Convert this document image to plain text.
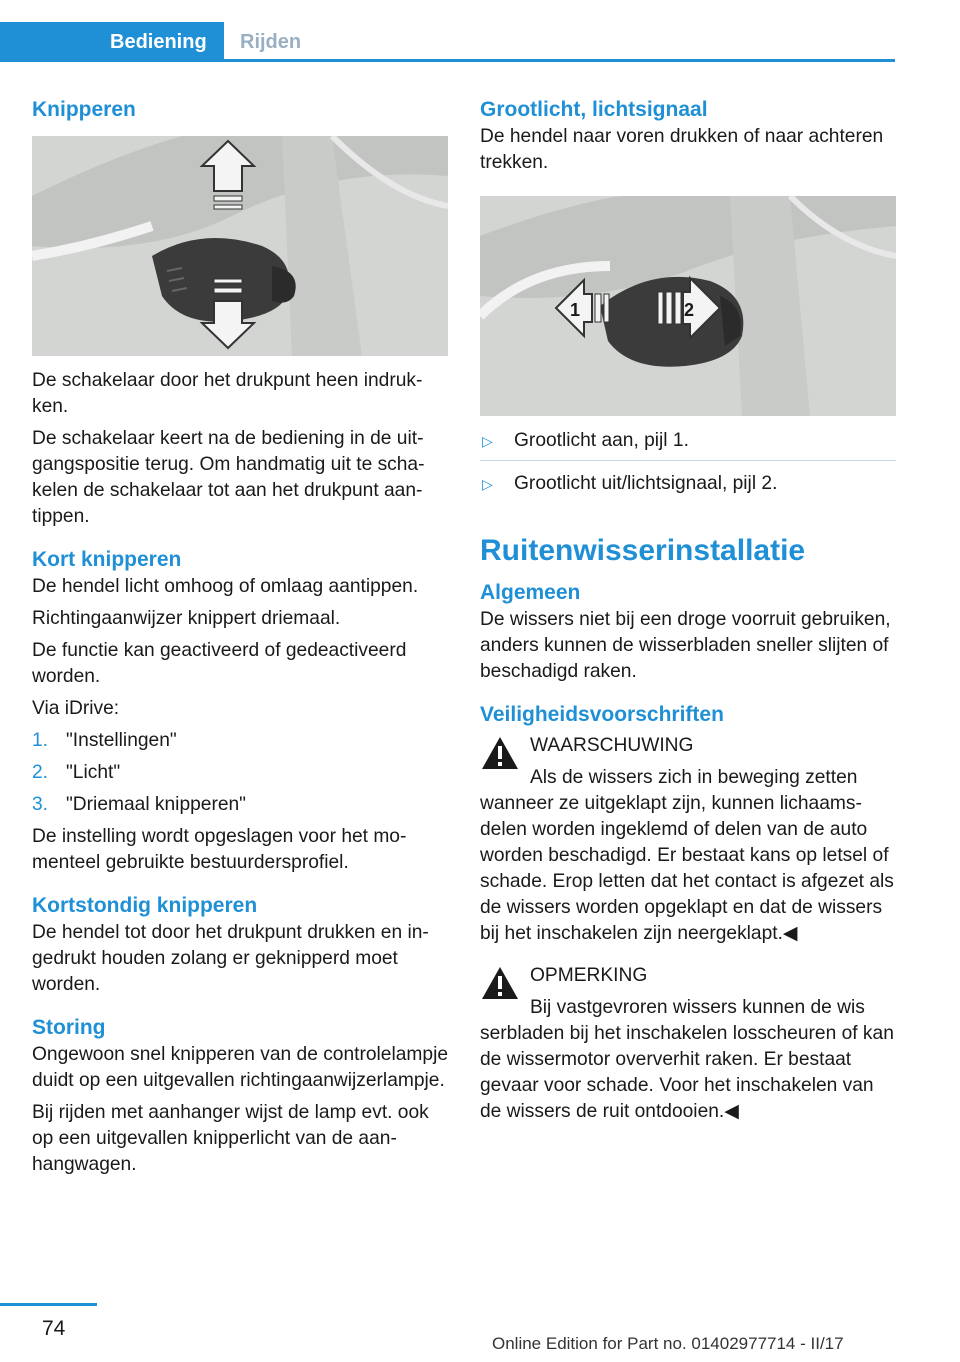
Bediening	Rijden
Knipperen

De schakelaar door het drukpunt heen indrukken.

De schakelaar keert na de bediening in de uitgangspositie terug. Om handmatig uit te schakelen de schakelaar tot aan het drukpunt aantippen.

Kort knipperen

De hendel licht omhoog of omlaag aantippen.

Richtingaanwijzer knippert driemaal.

De functie kan geactiveerd of gedeactiveerd worden.

Via iDrive:

1. "Instellingen"
2. "Licht"
3. "Driemaal knipperen"

De instelling wordt opgeslagen voor het momenteel gebruikte bestuurdersprofiel.

Kortstondig knipperen

De hendel tot door het drukpunt drukken en ingedrukt houden zolang er geknipperd moet worden.

Storing

Ongewoon snel knipperen van de controlelampje duidt op een uitgevallen richtingaanwijzerlampje.

Bij rijden met aanhanger wijst de lamp evt. ook op een uitgevallen knipperlicht van de aanhangwagen.

Grootlicht, lichtsignaal

De hendel naar voren drukken of naar achteren trekken.

1	2
▷ Grootlicht aan, pijl 1.
▷ Grootlicht uit/lichtsignaal, pijl 2.
Ruitenwisserinstallatie
Algemeen

De wissers niet bij een droge voorruit gebruiken, anders kunnen de wisserbladen sneller slijten of beschadigd raken.

Veiligheidsvoorschriften

WAARSCHUWING

Als de wissers zich in beweging zetten

wanneer ze uitgeklapt zijn, kunnen lichaamsdelen worden ingeklemd of delen van de auto worden beschadigd. Er bestaat kans op letsel of schade. Erop letten dat het contact is afgezet als de wissers worden opgeklapt en dat de wissers bij het inschakelen zijn neergeklapt.◀

OPMERKING

Bij vastgevroren wissers kunnen de wis

serbladen bij het inschakelen losscheuren of kan de wissermotor oververhit raken. Er bestaat gevaar voor schade. Voor het inschakelen van de wissers de ruit ontdooien.◀

74
Online Edition for Part no. 01402977714 - II/17
